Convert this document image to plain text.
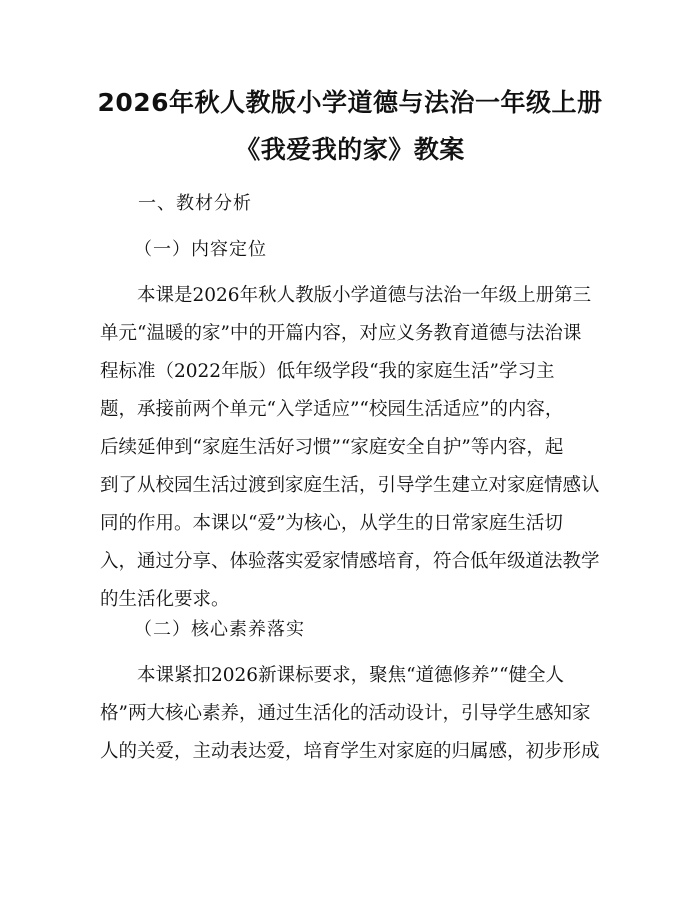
2026年秋人教版小学道德与法治一年级上册
《我爱我的家》教案
一、教材分析
（一）内容定位
　　本课是2026年秋人教版小学道德与法治一年级上册第三
单元“温暖的家”中的开篇内容，对应义务教育道德与法治课
程标准（2022年版）低年级学段“我的家庭生活”学习主
题，承接前两个单元“入学适应”“校园生活适应”的内容，
后续延伸到“家庭生活好习惯”“家庭安全自护”等内容，起
到了从校园生活过渡到家庭生活，引导学生建立对家庭情感认
同的作用。本课以“爱”为核心，从学生的日常家庭生活切
入，通过分享、体验落实爱家情感培育，符合低年级道法教学
的生活化要求。
（二）核心素养落实
　　本课紧扣2026新课标要求，聚焦“道德修养”“健全人
格”两大核心素养，通过生活化的活动设计，引导学生感知家
人的关爱，主动表达爱，培育学生对家庭的归属感，初步形成
